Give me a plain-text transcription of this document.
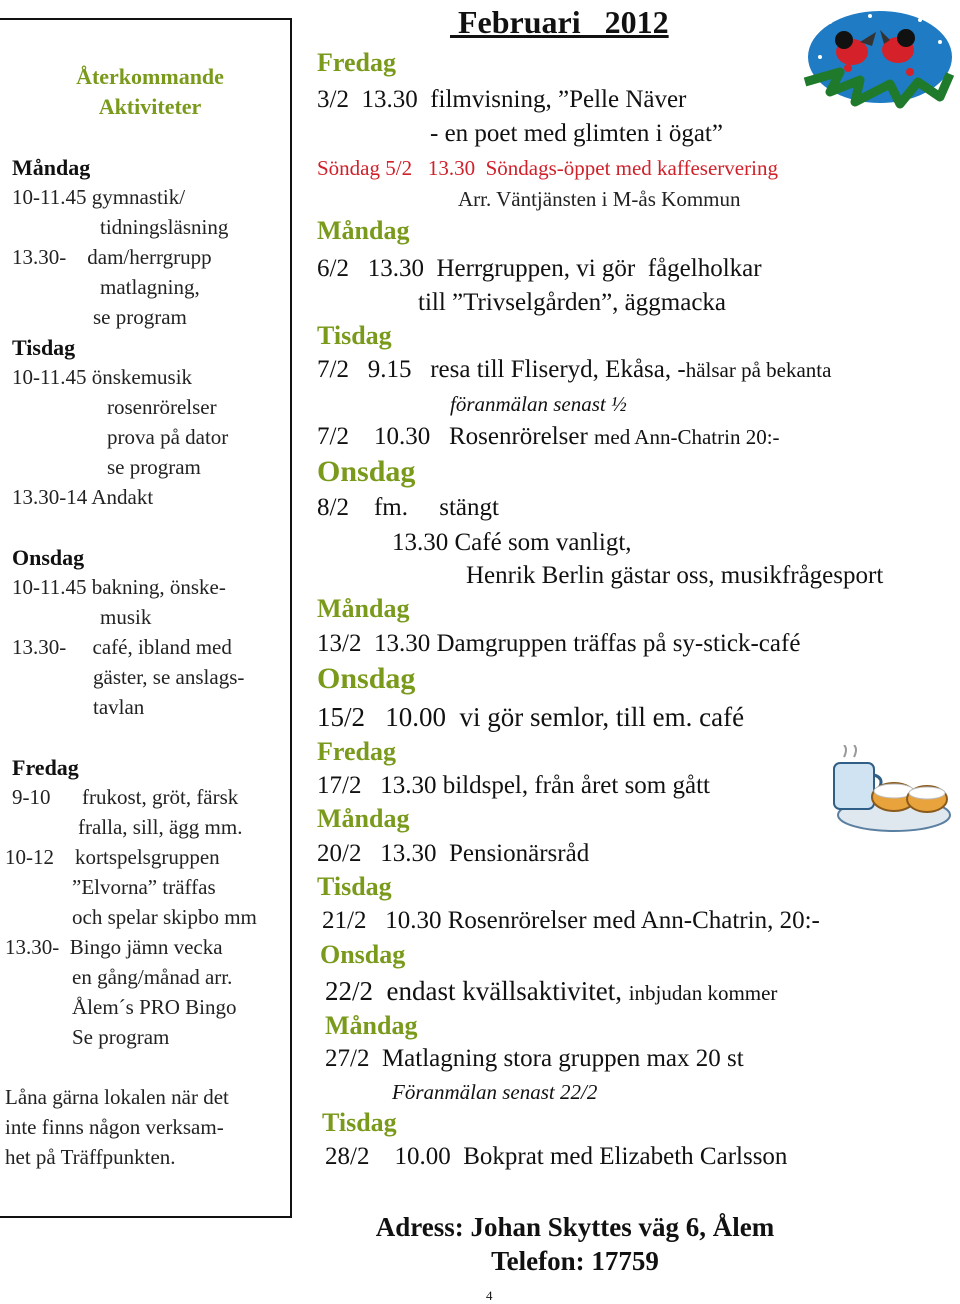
Återkommande

Aktiviteter

Måndag

10-11.45 gymnastik/

tidningsläsning

13.30-    dam/herrgrupp

matlagning,

se program

Tisdag

10-11.45 önskemusik

rosenrörelser

prova på dator

se program

13.30-14 Andakt

Onsdag

10-11.45 bakning, önske-

musik

13.30-     café, ibland med

gäster, se anslags-

tavlan

Fredag

9-10      frukost, gröt, färsk

fralla, sill, ägg mm.

10-12    kortspelsgruppen

”Elvorna” träffas

och spelar skipbo mm

13.30-  Bingo jämn vecka

en gång/månad arr.

Ålem´s PRO Bingo

Se program

Låna gärna lokalen när det

inte finns någon verksam-

het på Träffpunkten.

Februari   2012

Fredag

3/2  13.30  filmvisning, ”Pelle Näver

- en poet med glimten i ögat”

Söndag 5/2   13.30  Söndags-öppet med kaffeservering

Arr. Väntjänsten i M-ås Kommun

Måndag

6/2   13.30  Herrgruppen, vi gör  fågelholkar

till ”Trivselgården”, äggmacka

Tisdag

7/2   9.15   resa till Fliseryd, Ekåsa, -hälsar på bekanta

föranmälan senast ½

7/2    10.30   Rosenrörelser med Ann-Chatrin 20:-

Onsdag

8/2    fm.     stängt

13.30 Café som vanligt,

Henrik Berlin gästar oss, musikfrågesport

Måndag

13/2  13.30 Damgruppen träffas på sy-stick-café

Onsdag

15/2   10.00  vi gör semlor, till em. café

Fredag

17/2   13.30 bildspel, från året som gått

Måndag

20/2   13.30  Pensionärsråd

Tisdag

21/2   10.30 Rosenrörelser med Ann-Chatrin, 20:-

Onsdag

22/2  endast kvällsaktivitet, inbjudan kommer

Måndag

27/2  Matlagning stora gruppen max 20 st

Föranmälan senast 22/2

Tisdag

28/2    10.00  Bokprat med Elizabeth Carlsson

Adress: Johan Skyttes väg 6, Ålem

Telefon: 17759

4
